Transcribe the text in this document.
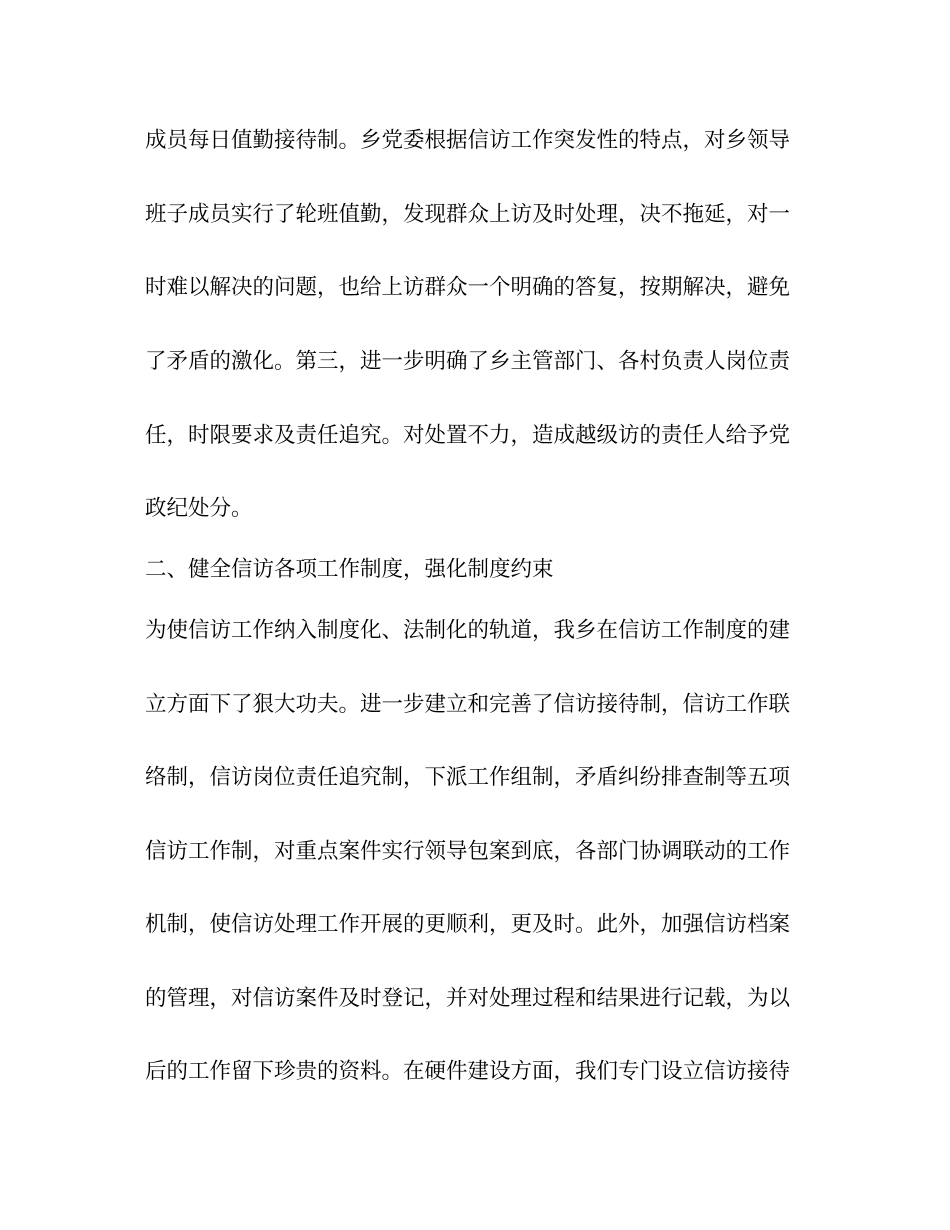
成员每日值勤接待制。乡党委根据信访工作突发性的特点，对乡领导
班子成员实行了轮班值勤，发现群众上访及时处理，决不拖延，对一
时难以解决的问题，也给上访群众一个明确的答复，按期解决，避免
了矛盾的激化。第三，进一步明确了乡主管部门、各村负责人岗位责
任，时限要求及责任追究。对处置不力，造成越级访的责任人给予党
政纪处分。
二、健全信访各项工作制度，强化制度约束
为使信访工作纳入制度化、法制化的轨道，我乡在信访工作制度的建
立方面下了狠大功夫。进一步建立和完善了信访接待制，信访工作联
络制，信访岗位责任追究制，下派工作组制，矛盾纠纷排查制等五项
信访工作制，对重点案件实行领导包案到底，各部门协调联动的工作
机制，使信访处理工作开展的更顺利，更及时。此外，加强信访档案
的管理，对信访案件及时登记，并对处理过程和结果进行记载，为以
后的工作留下珍贵的资料。在硬件建设方面，我们专门设立信访接待
